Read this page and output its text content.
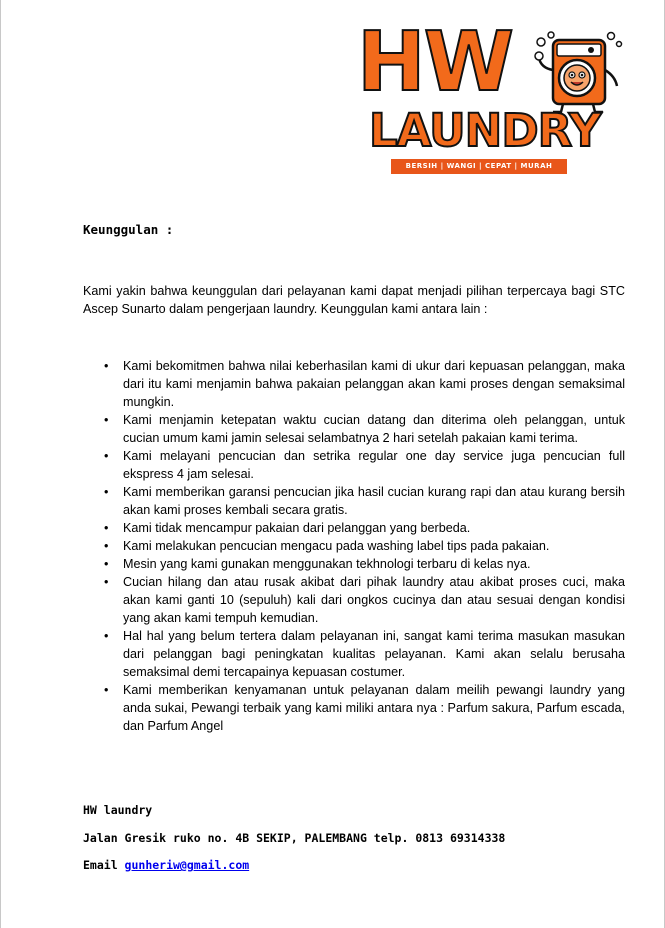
HW
LAUNDRY
BERSIH | WANGI | CEPAT | MURAH
Keunggulan :
Kami yakin bahwa keunggulan dari pelayanan kami dapat menjadi pilihan terpercaya bagi STC Ascep Sunarto dalam pengerjaan laundry. Keunggulan kami antara lain :
• Kami bekomitmen bahwa nilai keberhasilan kami di ukur dari kepuasan pelanggan, maka dari itu kami menjamin bahwa pakaian pelanggan akan kami proses dengan semaksimal mungkin.
• Kami menjamin ketepatan waktu cucian datang dan diterima oleh pelanggan, untuk cucian umum kami jamin selesai selambatnya 2 hari setelah pakaian kami terima.
• Kami melayani pencucian dan setrika regular one day service juga pencucian full ekspress 4 jam selesai.
• Kami memberikan garansi pencucian jika hasil cucian kurang rapi dan atau kurang bersih akan kami proses kembali secara gratis.
• Kami tidak mencampur pakaian dari pelanggan yang berbeda.
• Kami melakukan pencucian mengacu pada washing label tips pada pakaian.
• Mesin yang kami gunakan menggunakan tekhnologi terbaru di kelas nya.
• Cucian hilang dan atau rusak akibat dari pihak laundry atau akibat proses cuci, maka akan kami ganti 10 (sepuluh) kali dari ongkos cucinya dan atau sesuai dengan kondisi yang akan kami tempuh kemudian.
• Hal hal yang belum tertera dalam pelayanan ini, sangat kami terima masukan masukan dari pelanggan bagi peningkatan kualitas pelayanan. Kami akan selalu berusaha semaksimal demi tercapainya kepuasan costumer.
• Kami memberikan kenyamanan untuk pelayanan dalam meilih pewangi laundry yang anda sukai, Pewangi terbaik yang kami miliki antara nya : Parfum sakura, Parfum escada, dan Parfum Angel
HW laundry
Jalan Gresik ruko no. 4B SEKIP, PALEMBANG telp. 0813 69314338
Email gunheriw@gmail.com
